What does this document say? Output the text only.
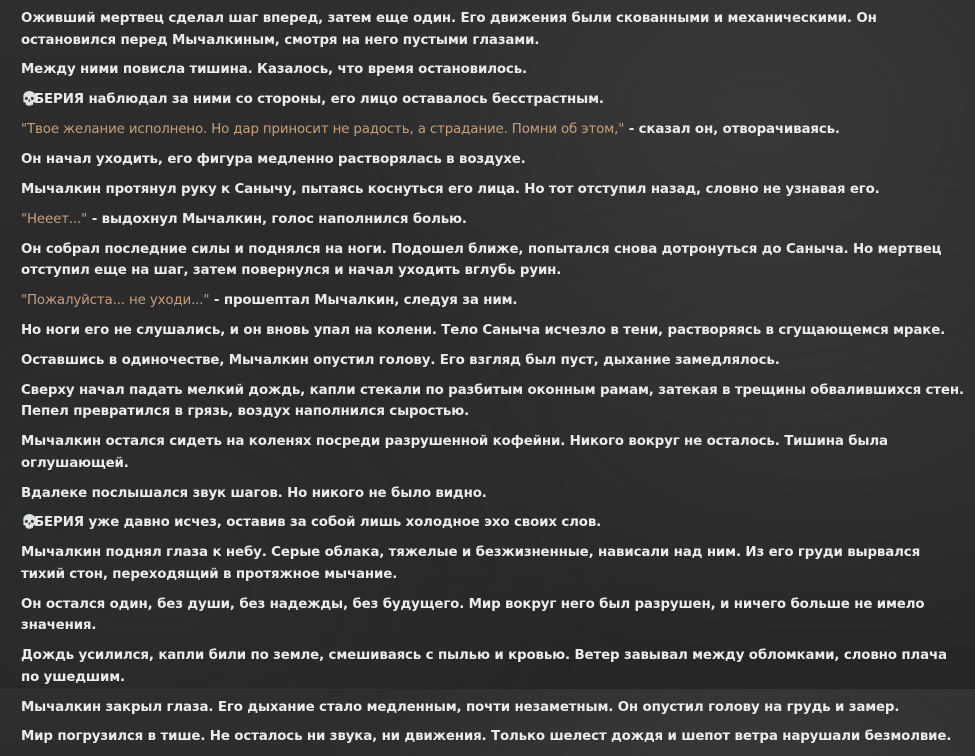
Оживший мертвец сделал шаг вперед, затем еще один. Его движения были скованными и механическими. Он остановился перед Мычалкиным, смотря на него пустыми глазами.

Между ними повисла тишина. Казалось, что время остановилось.

💀БЕРИЯ наблюдал за ними со стороны, его лицо оставалось бесстрастным.

"Твое желание исполнено. Но дар приносит не радость, а страдание. Помни об этом," - сказал он, отворачиваясь.

Он начал уходить, его фигура медленно растворялась в воздухе.

Мычалкин протянул руку к Санычу, пытаясь коснуться его лица. Но тот отступил назад, словно не узнавая его.

"Нееет..." - выдохнул Мычалкин, голос наполнился болью.

Он собрал последние силы и поднялся на ноги. Подошел ближе, попытался снова дотронуться до Саныча. Но мертвец отступил еще на шаг, затем повернулся и начал уходить вглубь руин.

"Пожалуйста... не уходи..." - прошептал Мычалкин, следуя за ним.

Но ноги его не слушались, и он вновь упал на колени. Тело Саныча исчезло в тени, растворяясь в сгущающемся мраке.

Оставшись в одиночестве, Мычалкин опустил голову. Его взгляд был пуст, дыхание замедлялось.

Сверху начал падать мелкий дождь, капли стекали по разбитым оконным рамам, затекая в трещины обвалившихся стен. Пепел превратился в грязь, воздух наполнился сыростью.

Мычалкин остался сидеть на коленях посреди разрушенной кофейни. Никого вокруг не осталось. Тишина была оглушающей.

Вдалеке послышался звук шагов. Но никого не было видно.

💀БЕРИЯ уже давно исчез, оставив за собой лишь холодное эхо своих слов.

Мычалкин поднял глаза к небу. Серые облака, тяжелые и безжизненные, нависали над ним. Из его груди вырвался тихий стон, переходящий в протяжное мычание.

Он остался один, без души, без надежды, без будущего. Мир вокруг него был разрушен, и ничего больше не имело значения.

Дождь усилился, капли били по земле, смешиваясь с пылью и кровью. Ветер завывал между обломками, словно плача по ушедшим.

Мычалкин закрыл глаза. Его дыхание стало медленным, почти незаметным. Он опустил голову на грудь и замер.

Мир погрузился в тише. Не осталось ни звука, ни движения. Только шелест дождя и шепот ветра нарушали безмолвие.
